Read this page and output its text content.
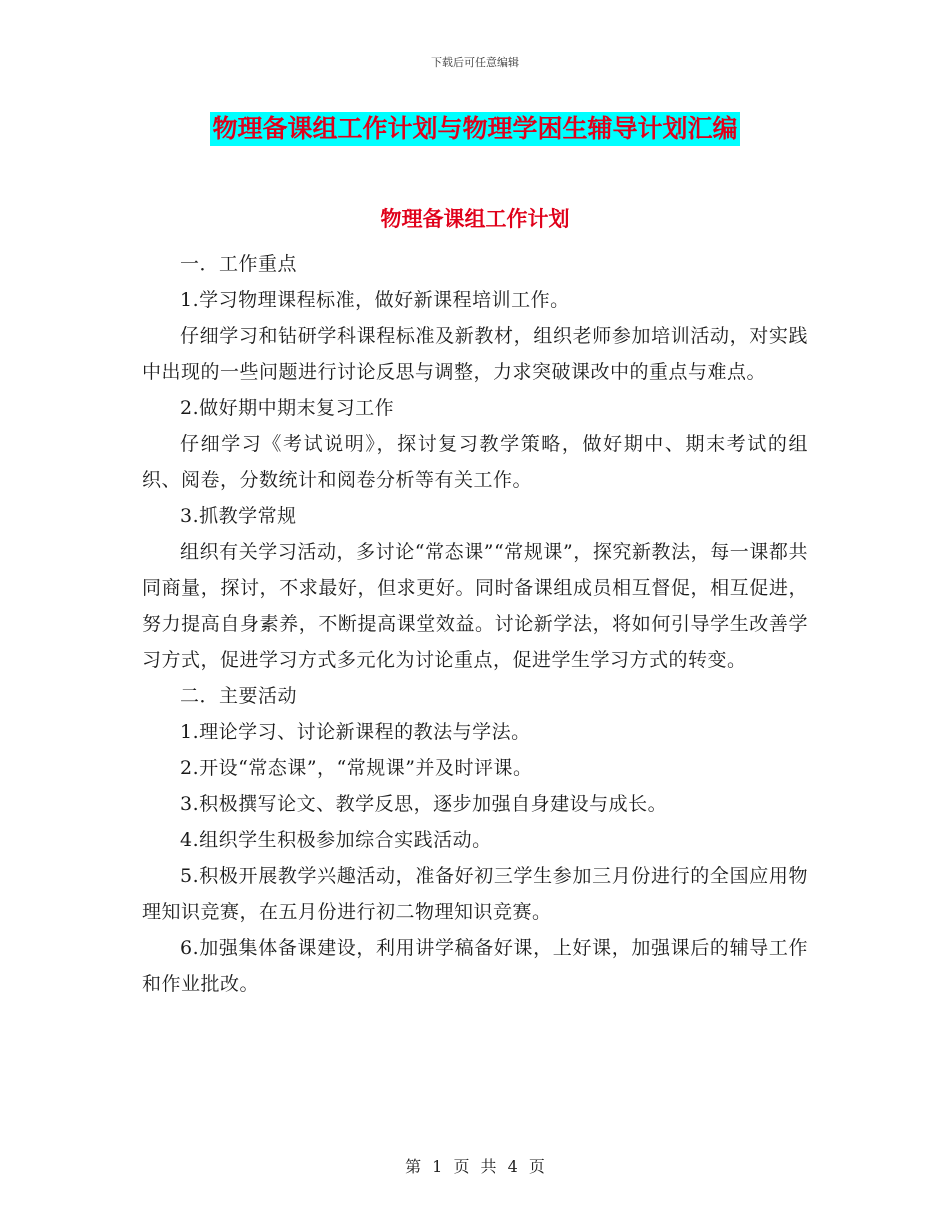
下载后可任意编辑
物理备课组工作计划与物理学困生辅导计划汇编
物理备课组工作计划

一．工作重点

1.学习物理课程标准，做好新课程培训工作。

仔细学习和钻研学科课程标准及新教材，组织老师参加培训活动，对实践中出现的一些问题进行讨论反思与调整，力求突破课改中的重点与难点。

2.做好期中期末复习工作

仔细学习《考试说明》，探讨复习教学策略，做好期中、期末考试的组织、阅卷，分数统计和阅卷分析等有关工作。

3.抓教学常规

组织有关学习活动，多讨论“常态课”“常规课”，探究新教法，每一课都共同商量，探讨，不求最好，但求更好。同时备课组成员相互督促，相互促进，努力提高自身素养，不断提高课堂效益。讨论新学法，将如何引导学生改善学习方式，促进学习方式多元化为讨论重点，促进学生学习方式的转变。

二．主要活动

1.理论学习、讨论新课程的教法与学法。

2.开设“常态课”，“常规课”并及时评课。

3.积极撰写论文、教学反思，逐步加强自身建设与成长。

4.组织学生积极参加综合实践活动。

5.积极开展教学兴趣活动，准备好初三学生参加三月份进行的全国应用物理知识竞赛，在五月份进行初二物理知识竞赛。

6.加强集体备课建设，利用讲学稿备好课，上好课，加强课后的辅导工作和作业批改。

第 1 页 共 4 页
